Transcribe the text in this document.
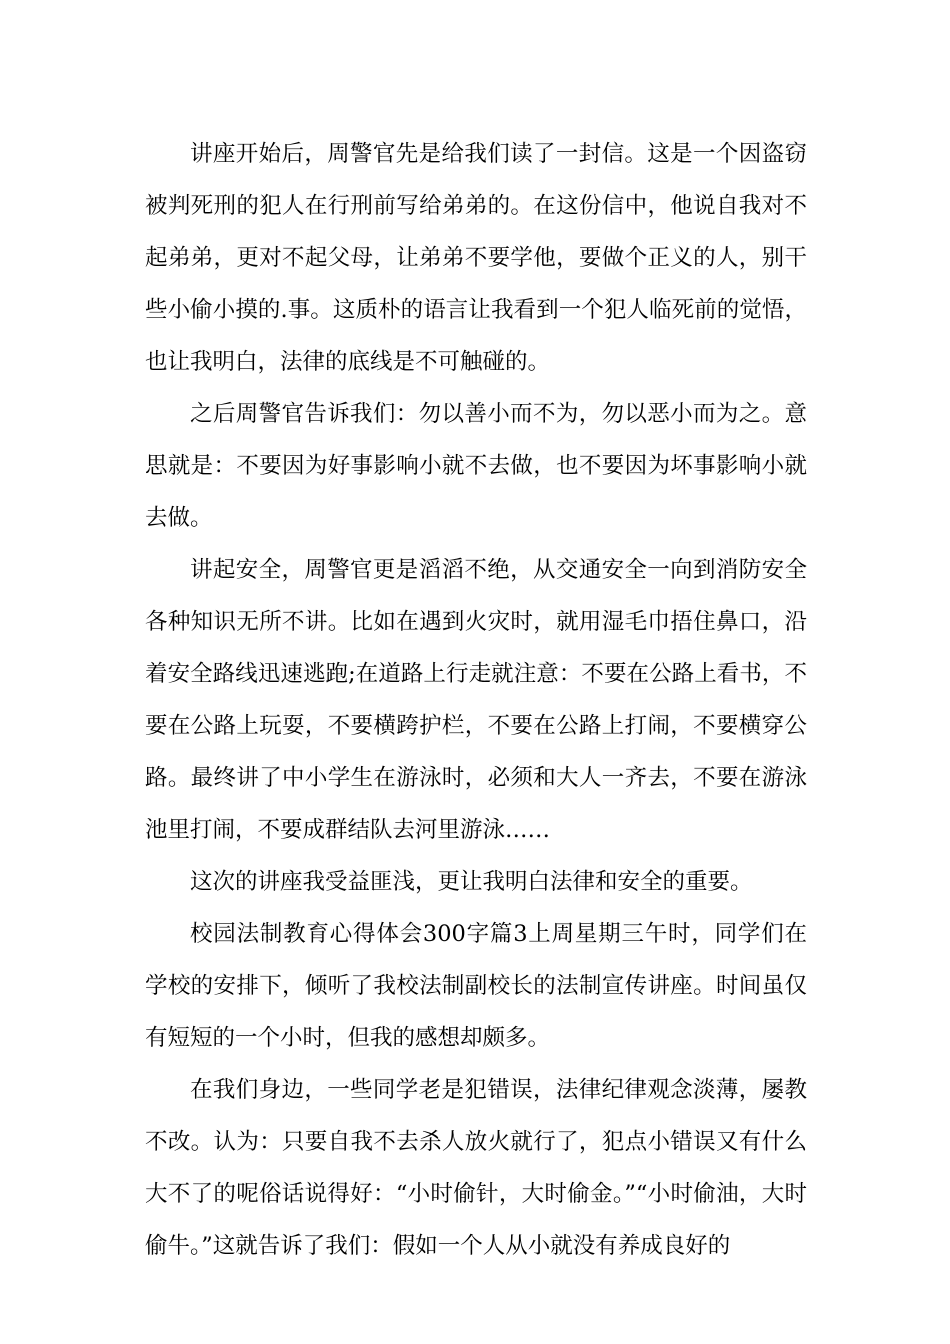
讲座开始后，周警官先是给我们读了一封信。这是一个因盗窃被判死刑的犯人在行刑前写给弟弟的。在这份信中，他说自我对不起弟弟，更对不起父母，让弟弟不要学他，要做个正义的人，别干些小偷小摸的.事。这质朴的语言让我看到一个犯人临死前的觉悟，也让我明白，法律的底线是不可触碰的。

之后周警官告诉我们：勿以善小而不为，勿以恶小而为之。意思就是：不要因为好事影响小就不去做，也不要因为坏事影响小就去做。

讲起安全，周警官更是滔滔不绝，从交通安全一向到消防安全各种知识无所不讲。比如在遇到火灾时，就用湿毛巾捂住鼻口，沿着安全路线迅速逃跑;在道路上行走就注意：不要在公路上看书，不要在公路上玩耍，不要横跨护栏，不要在公路上打闹，不要横穿公路。最终讲了中小学生在游泳时，必须和大人一齐去，不要在游泳池里打闹，不要成群结队去河里游泳……

这次的讲座我受益匪浅，更让我明白法律和安全的重要。

校园法制教育心得体会300字篇3上周星期三午时，同学们在学校的安排下，倾听了我校法制副校长的法制宣传讲座。时间虽仅有短短的一个小时，但我的感想却颇多。

在我们身边，一些同学老是犯错误，法律纪律观念淡薄，屡教不改。认为：只要自我不去杀人放火就行了，犯点小错误又有什么大不了的呢俗话说得好：“小时偷针，大时偷金。”“小时偷油，大时偷牛。”这就告诉了我们：假如一个人从小就没有养成良好的
